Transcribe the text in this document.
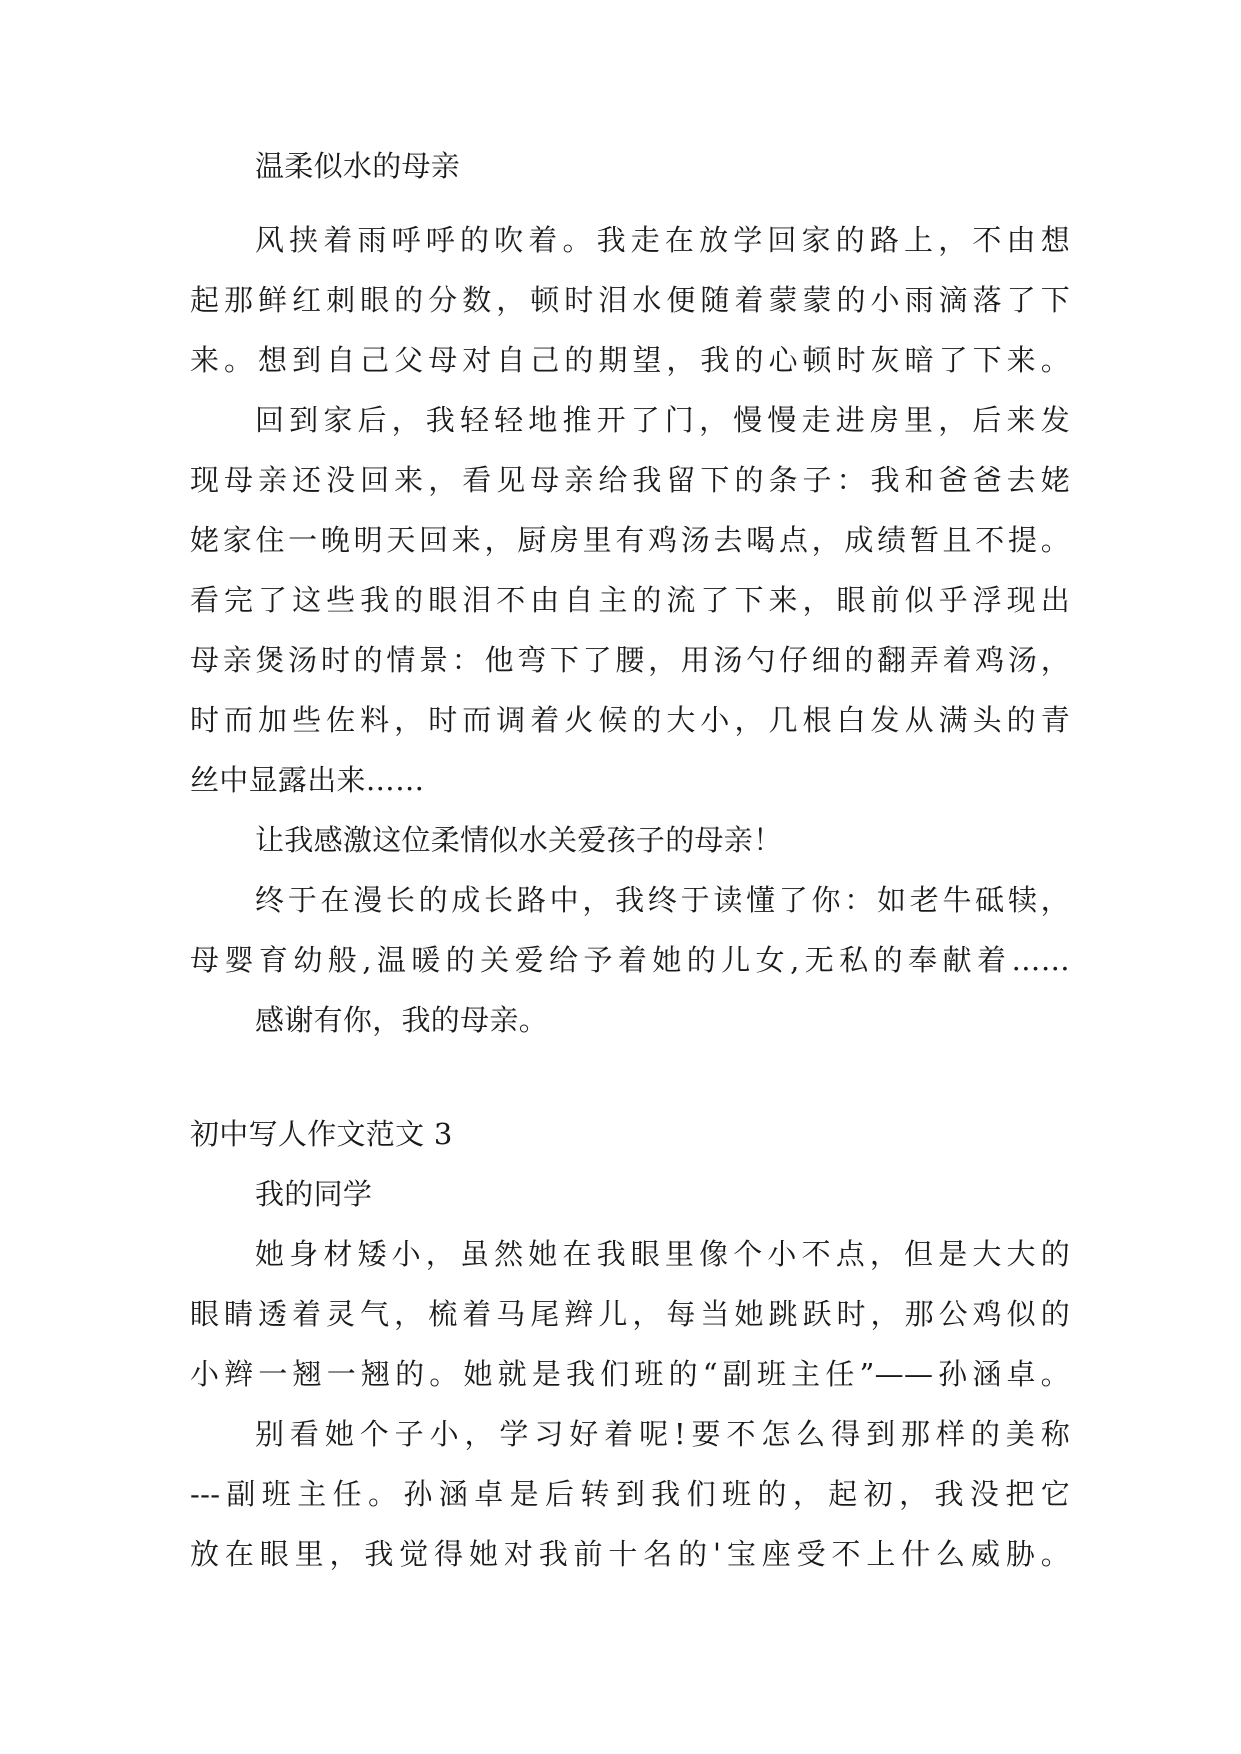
温柔似水的母亲
风挟着雨呼呼的吹着。我走在放学回家的路上，不由想
起那鲜红刺眼的分数，顿时泪水便随着蒙蒙的小雨滴落了下
来。想到自己父母对自己的期望，我的心顿时灰暗了下来。
回到家后，我轻轻地推开了门，慢慢走进房里，后来发
现母亲还没回来，看见母亲给我留下的条子：我和爸爸去姥
姥家住一晚明天回来，厨房里有鸡汤去喝点，成绩暂且不提。
看完了这些我的眼泪不由自主的流了下来，眼前似乎浮现出
母亲煲汤时的情景：他弯下了腰，用汤勺仔细的翻弄着鸡汤，
时而加些佐料，时而调着火候的大小，几根白发从满头的青
丝中显露出来……
让我感激这位柔情似水关爱孩子的母亲！
终于在漫长的成长路中，我终于读懂了你：如老牛砥犊，
母婴育幼般,温暖的关爱给予着她的儿女,无私的奉献着……
感谢有你，我的母亲。
初中写人作文范文 3
我的同学
她身材矮小，虽然她在我眼里像个小不点，但是大大的
眼睛透着灵气，梳着马尾辫儿，每当她跳跃时，那公鸡似的
小辫一翘一翘的。她就是我们班的“副班主任”——孙涵卓。
别看她个子小，学习好着呢!要不怎么得到那样的美称
---副班主任。孙涵卓是后转到我们班的，起初，我没把它
放在眼里，我觉得她对我前十名的'宝座受不上什么威胁。
